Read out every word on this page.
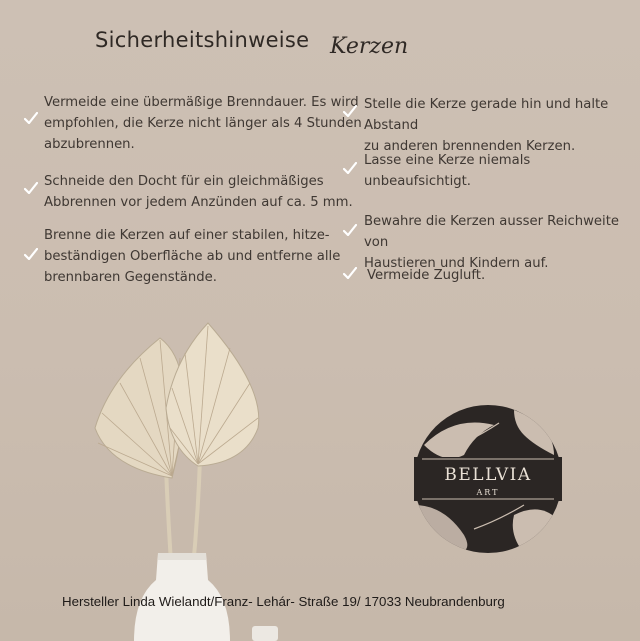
Sicherheitshinweise Kerzen
Vermeide eine übermäßige Brenndauer. Es wird
empfohlen, die Kerze nicht länger als 4 Stunden
abzubrennen.
Schneide den Docht für ein gleichmäßiges
Abbrennen vor jedem Anzünden auf ca. 5 mm.
Brenne die Kerzen auf einer stabilen, hitze-
beständigen Oberfläche ab und entferne alle
brennbaren Gegenstände.
Stelle die Kerze gerade hin und halte Abstand
zu anderen brennenden Kerzen.
Lasse eine Kerze niemals
unbeaufsichtigt.
Bewahre die Kerzen ausser Reichweite von
Haustieren und Kindern auf.
Vermeide Zugluft.
BELLVIA
ART
Hersteller Linda Wielandt/Franz- Lehár- Straße 19/ 17033 Neubrandenburg
